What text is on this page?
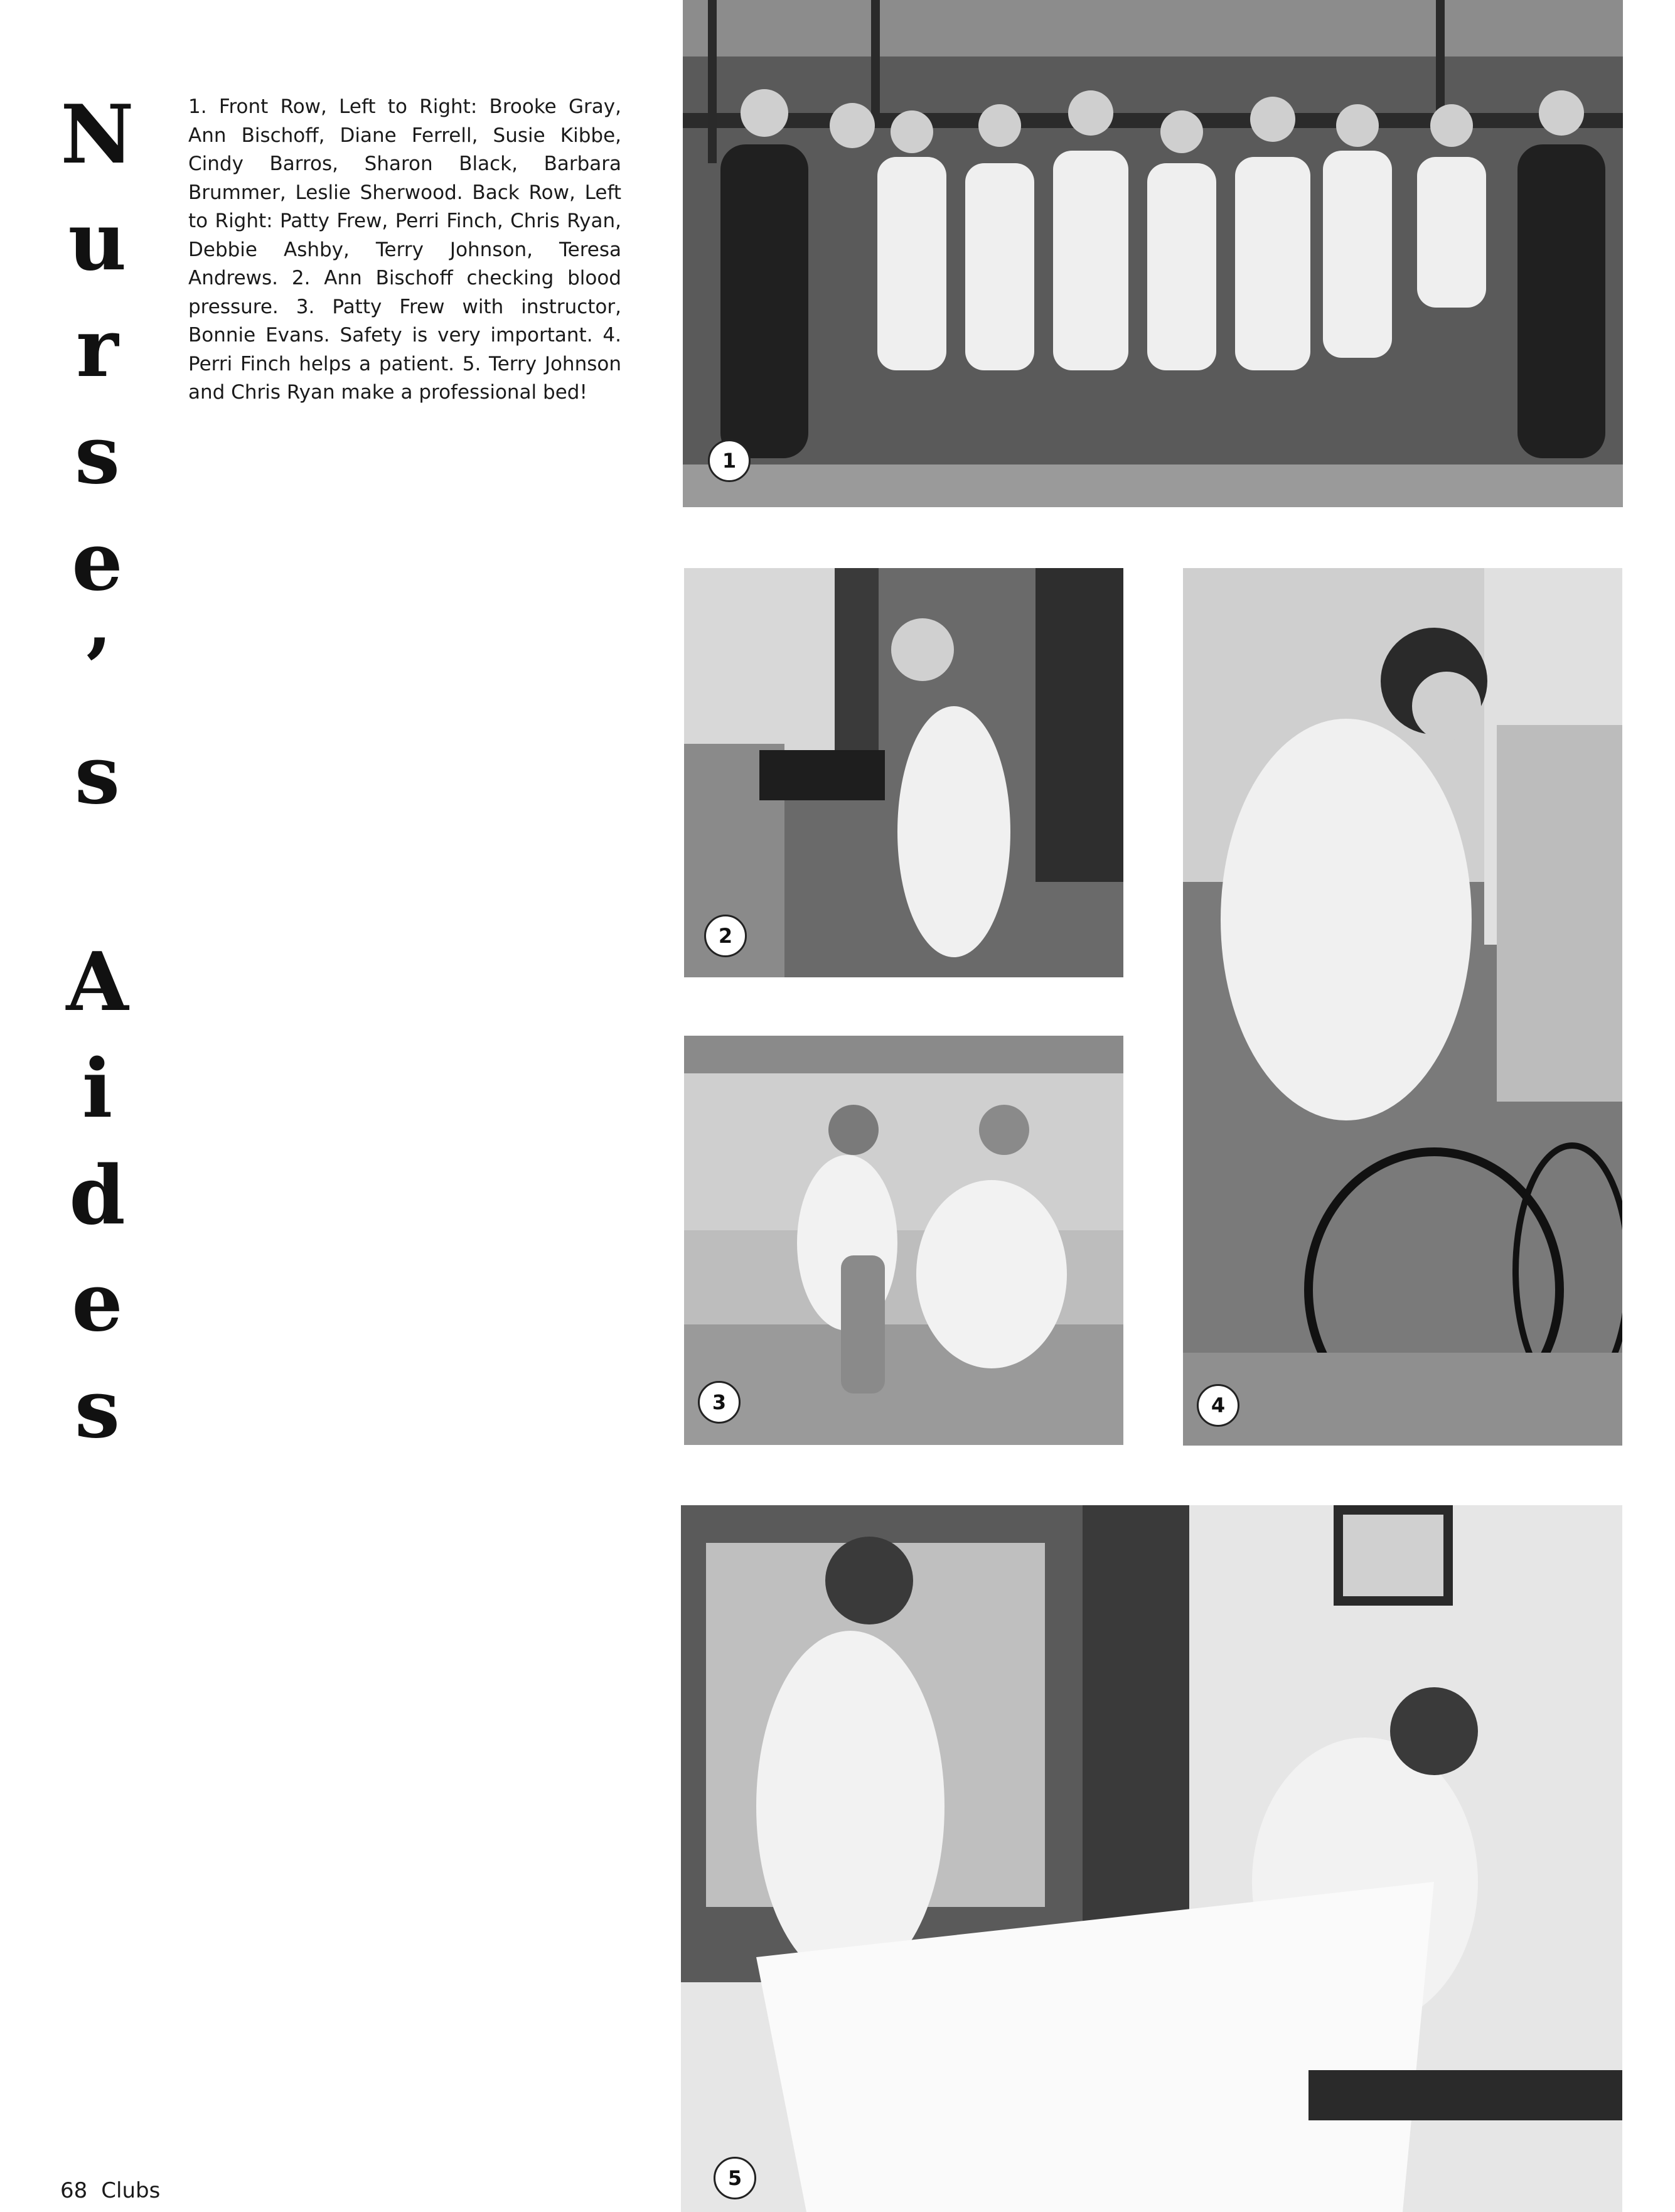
N
u
r
s
e
’
s
A
i
d
e
s

1. Front Row, Left to Right: Brooke Gray, Ann Bischoff, Diane Ferrell, Susie Kibbe, Cindy Barros, Sharon Black, Barbara Brummer, Leslie Sherwood. Back Row, Left to Right: Patty Frew, Perri Finch, Chris Ryan, Debbie Ashby, Terry Johnson, Teresa Andrews. 2. Ann Bischoff checking blood pressure. 3. Patty Frew with instructor, Bonnie Evans. Safety is very important. 4. Perri Finch helps a patient. 5. Terry Johnson and Chris Ryan make a professional bed!

1
2
3	4
5
68 Clubs
